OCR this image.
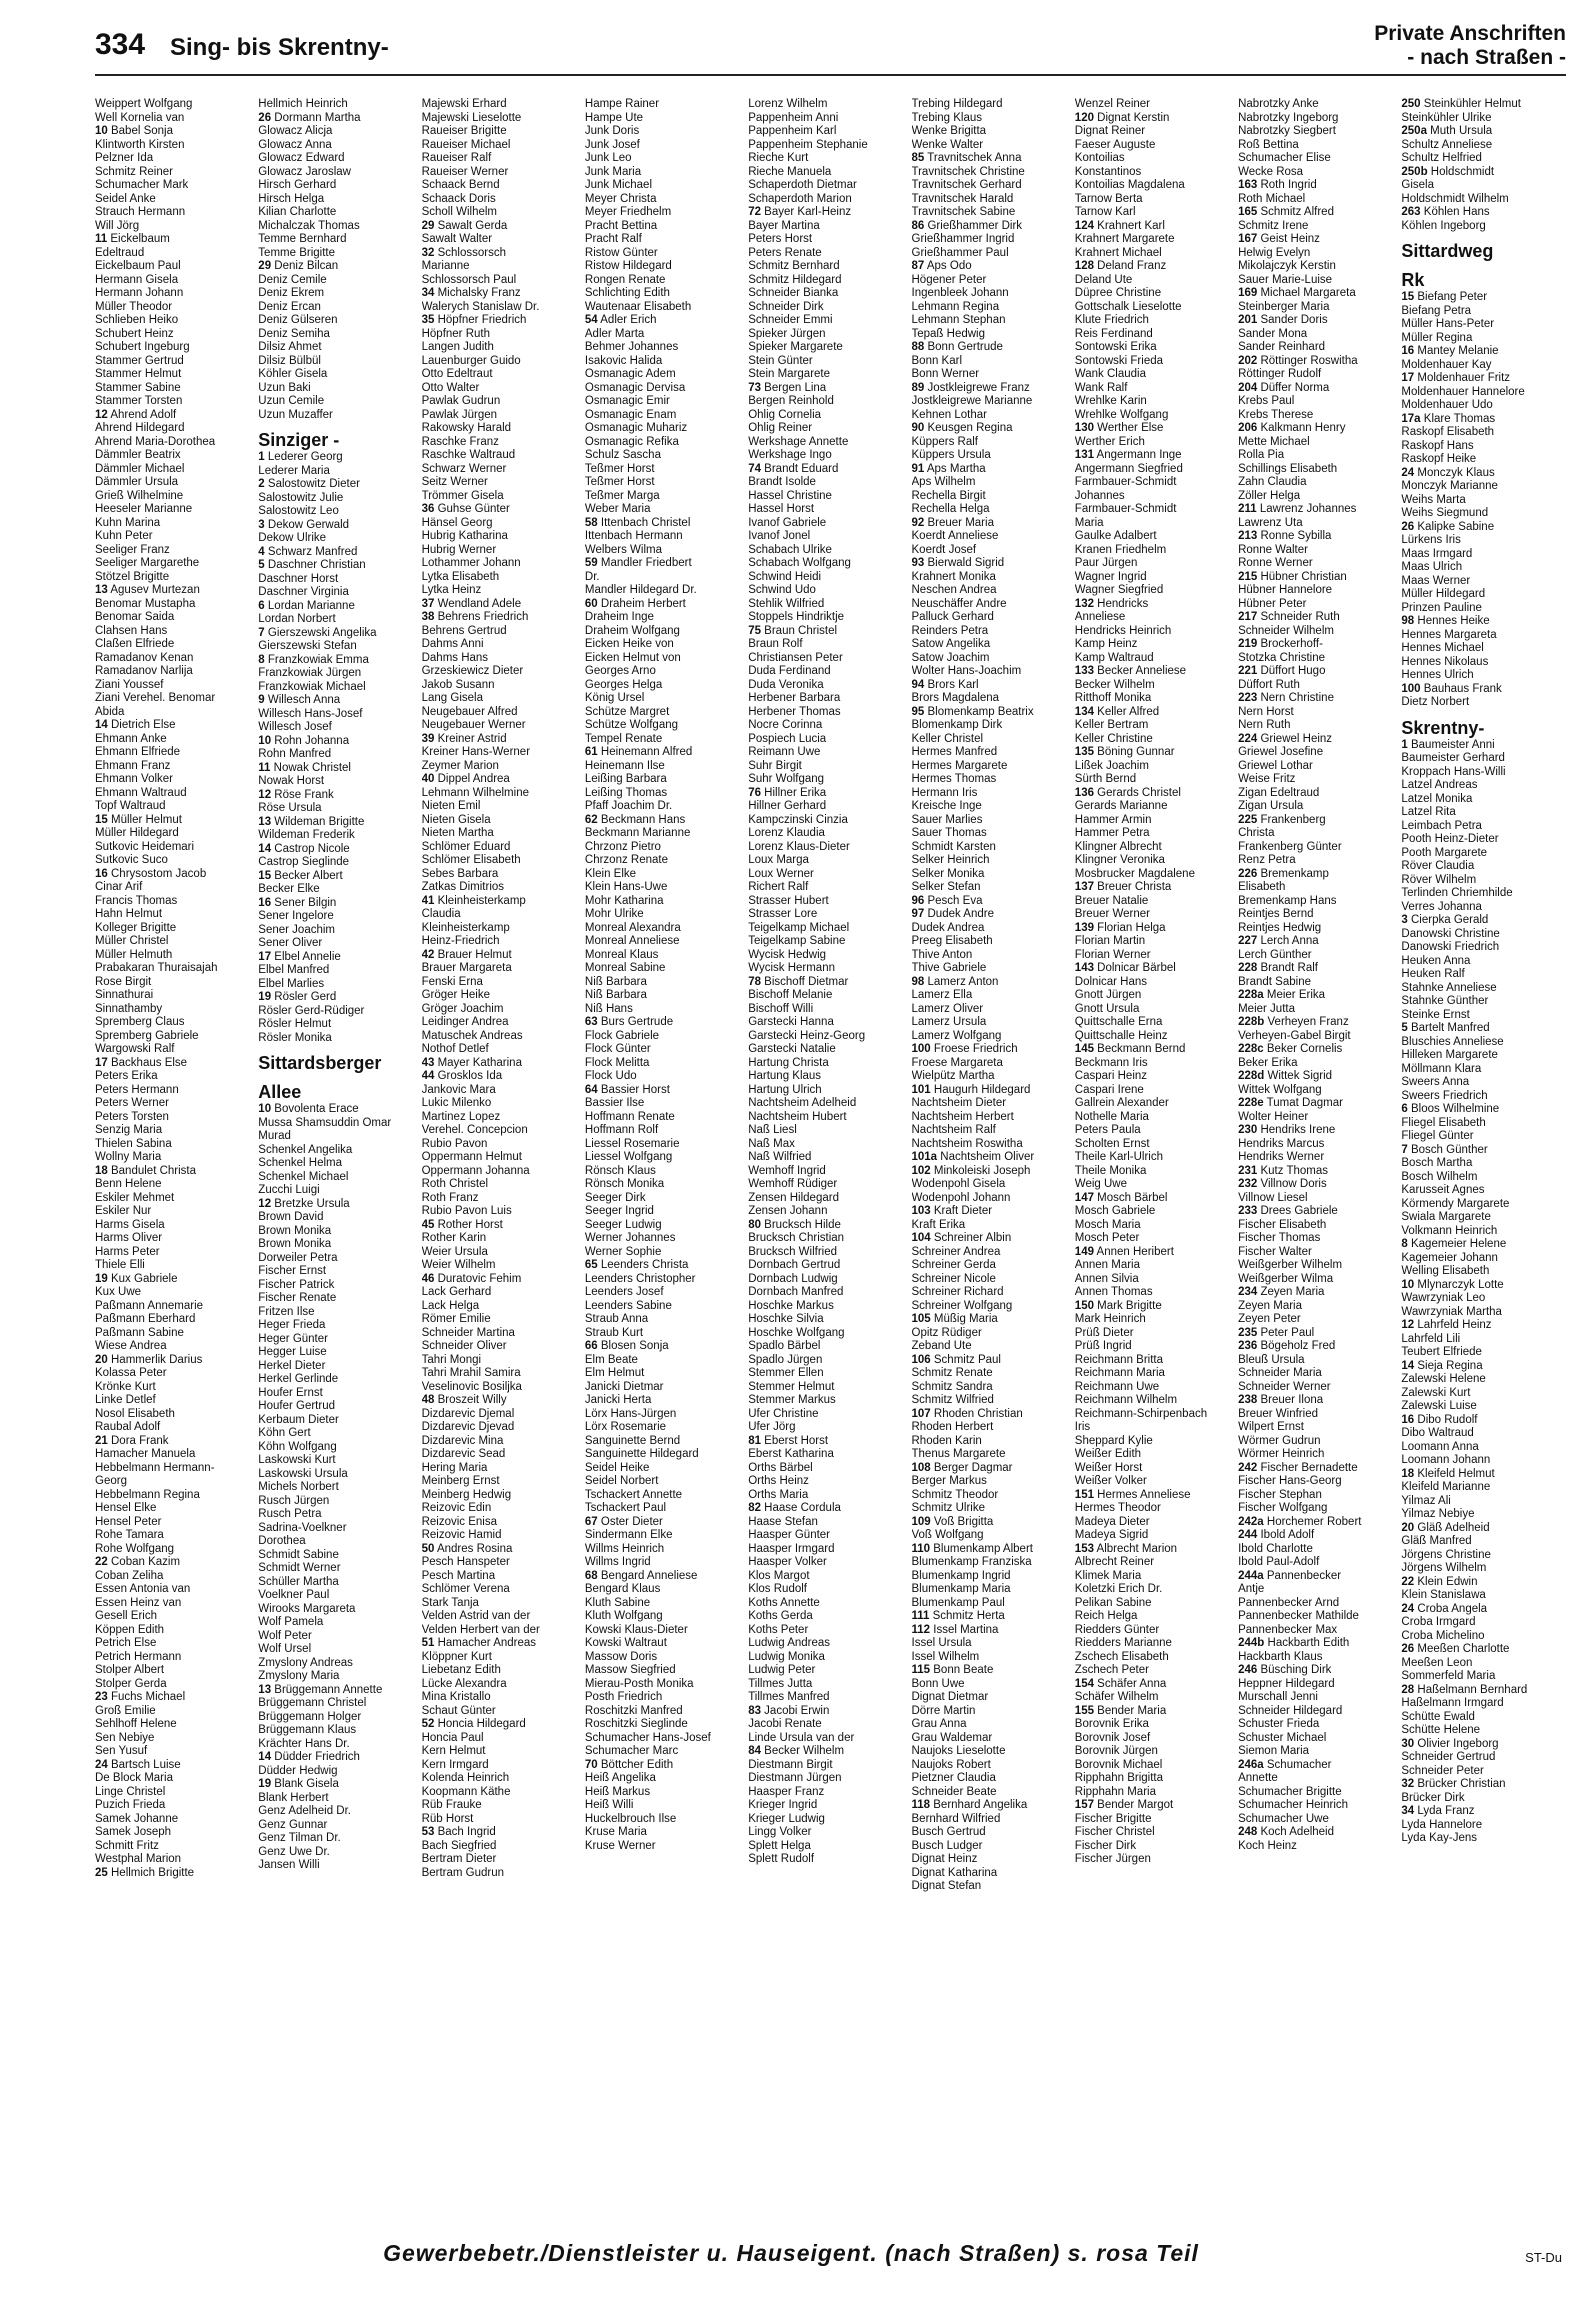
334 Sing- bis Skrentny-
Private Anschriften
- nach Straßen -
Weippert Wolfgang
Well Kornelia van
10 Babel Sonja
Klintworth Kirsten
Pelzner Ida
Schmitz Reiner
Schumacher Mark
Seidel Anke
Strauch Hermann
Will Jörg
11 Eickelbaum
Edeltraud
Eickelbaum Paul
Hermann Gisela
Hermann Johann
Müller Theodor
Schlieben Heiko
Schubert Heinz
Schubert Ingeburg
Stammer Gertrud
Stammer Helmut
Stammer Sabine
Stammer Torsten
12 Ahrend Adolf
Ahrend Hildegard
Ahrend Maria-Dorothea
Dämmler Beatrix
Dämmler Michael
Dämmler Ursula
Grieß Wilhelmine
Heeseler Marianne
Kuhn Marina
Kuhn Peter
Seeliger Franz
Seeliger Margarethe
Stötzel Brigitte
13 Agusev Murtezan
Benomar Mustapha
Benomar Saida
Clahsen Hans
Claßen Elfriede
Ramadanov Kenan
Ramadanov Narlija
Ziani Youssef
Ziani Verehel. Benomar
Abida
14 Dietrich Else
Ehmann Anke
Ehmann Elfriede
Ehmann Franz
Ehmann Volker
Ehmann Waltraud
Topf Waltraud
15 Müller Helmut
Müller Hildegard
Sutkovic Heidemari
Sutkovic Suco
16 Chrysostom Jacob
Cinar Arif
Francis Thomas
Hahn Helmut
Kolleger Brigitte
Müller Christel
Müller Helmuth
Prabakaran Thuraisajah
Rose Birgit
Sinnathurai
Sinnathamby
Spremberg Claus
Spremberg Gabriele
Wargowski Ralf
17 Backhaus Else
Peters Erika
Peters Hermann
Peters Werner
Peters Torsten
Senzig Maria
Thielen Sabina
Wollny Maria
18 Bandulet Christa
Benn Helene
Eskiler Mehmet
Eskiler Nur
Harms Gisela
Harms Oliver
Harms Peter
Thiele Elli
19 Kux Gabriele
Kux Uwe
Paßmann Annemarie
Paßmann Eberhard
Paßmann Sabine
Wiese Andrea
20 Hammerlik Darius
Kolassa Peter
Krönke Kurt
Linke Detlef
Nosol Elisabeth
Raubal Adolf
21 Dora Frank
Hamacher Manuela
Hebbelmann Hermann-
Georg
Hebbelmann Regina
Hensel Elke
Hensel Peter
Rohe Tamara
Rohe Wolfgang
22 Coban Kazim
Coban Zeliha
Essen Antonia van
Essen Heinz van
Gesell Erich
Köppen Edith
Petrich Else
Petrich Hermann
Stolper Albert
Stolper Gerda
23 Fuchs Michael
Groß Emilie
Sehlhoff Helene
Sen Nebiye
Sen Yusuf
24 Bartsch Luise
De Block Maria
Linge Christel
Puzich Frieda
Samek Johanne
Samek Joseph
Schmitt Fritz
Westphal Marion
25 Hellmich Brigitte
Hellmich Heinrich
26 Dormann Martha
Glowacz Alicja
Glowacz Anna
Glowacz Edward
Glowacz Jaroslaw
Hirsch Gerhard
Hirsch Helga
Kilian Charlotte
Michalczak Thomas
Temme Bernhard
Temme Brigitte
29 Deniz Bilcan
Deniz Cemile
Deniz Ekrem
Deniz Ercan
Deniz Gülseren
Deniz Semiha
Dilsiz Ahmet
Dilsiz Bülbül
Köhler Gisela
Uzun Baki
Uzun Cemile
Uzun Muzaffer
Sinziger -
1 Lederer Georg
Lederer Maria
2 Salostowitz Dieter
Salostowitz Julie
Salostowitz Leo
3 Dekow Gerwald
Dekow Ulrike
4 Schwarz Manfred
5 Daschner Christian
Daschner Horst
Daschner Virginia
6 Lordan Marianne
Lordan Norbert
7 Gierszewski Angelika
Gierszewski Stefan
8 Franzkowiak Emma
Franzkowiak Jürgen
Franzkowiak Michael
9 Willesch Anna
Willesch Hans-Josef
Willesch Josef
10 Rohn Johanna
Rohn Manfred
11 Nowak Christel
Nowak Horst
12 Röse Frank
Röse Ursula
13 Wildeman Brigitte
Wildeman Frederik
14 Castrop Nicole
Castrop Sieglinde
15 Becker Albert
Becker Elke
16 Sener Bilgin
Sener Ingelore
Sener Joachim
Sener Oliver
17 Elbel Annelie
Elbel Manfred
Elbel Marlies
19 Rösler Gerd
Rösler Gerd-Rüdiger
Rösler Helmut
Rösler Monika
Sittardsberger
Allee
10 Bovolenta Erace
Mussa Shamsuddin Omar
Murad
Schenkel Angelika
Schenkel Helma
Schenkel Michael
Zucchi Luigi
12 Bretzke Ursula
Brown David
Brown Monika
Brown Monika
Dorweiler Petra
Fischer Ernst
Fischer Patrick
Fischer Renate
Fritzen Ilse
Heger Frieda
Heger Günter
Hegger Luise
Herkel Dieter
Herkel Gerlinde
Houfer Ernst
Houfer Gertrud
Kerbaum Dieter
Köhn Gert
Köhn Wolfgang
Laskowski Kurt
Laskowski Ursula
Michels Norbert
Rusch Jürgen
Rusch Petra
Sadrina-Voelkner
Dorothea
Schmidt Sabine
Schmidt Werner
Schüller Martha
Voelkner Paul
Wirooks Margareta
Wolf Pamela
Wolf Peter
Wolf Ursel
Zmyslony Andreas
Zmyslony Maria
13 Brüggemann Annette
Brüggemann Christel
Brüggemann Holger
Brüggemann Klaus
Krächter Hans Dr.
14 Düdder Friedrich
Düdder Hedwig
19 Blank Gisela
Blank Herbert
Genz Adelheid Dr.
Genz Gunnar
Genz Tilman Dr.
Genz Uwe Dr.
Jansen Willi
Majewski Erhard
Majewski Lieselotte
Raueiser Brigitte
Raueiser Michael
Raueiser Ralf
Raueiser Werner
Schaack Bernd
Schaack Doris
Scholl Wilhelm
29 Sawalt Gerda
Sawalt Walter
32 Schlossorsch
Marianne
Schlossorsch Paul
34 Michalsky Franz
Walerych Stanislaw Dr.
35 Höpfner Friedrich
Höpfner Ruth
Langen Judith
Lauenburger Guido
Otto Edeltraut
Otto Walter
Pawlak Gudrun
Pawlak Jürgen
Rakowsky Harald
Raschke Franz
Raschke Waltraud
Schwarz Werner
Seitz Werner
Trömmer Gisela
36 Guhse Günter
Hänsel Georg
Hubrig Katharina
Hubrig Werner
Lothammer Johann
Lytka Elisabeth
Lytka Heinz
37 Wendland Adele
38 Behrens Friedrich
Behrens Gertrud
Dahms Anni
Dahms Hans
Grzeskiewicz Dieter
Jakob Susann
Lang Gisela
Neugebauer Alfred
Neugebauer Werner
39 Kreiner Astrid
Kreiner Hans-Werner
Zeymer Marion
40 Dippel Andrea
Lehmann Wilhelmine
Nieten Emil
Nieten Gisela
Nieten Martha
Schlömer Eduard
Schlömer Elisabeth
Sebes Barbara
Zatkas Dimitrios
41 Kleinheisterkamp
Claudia
Kleinheisterkamp
Heinz-Friedrich
42 Brauer Helmut
Brauer Margareta
Fenski Erna
Gröger Heike
Gröger Joachim
Leidinger Andrea
Matuschek Andreas
Nothof Detlef
43 Mayer Katharina
44 Grosklos Ida
Jankovic Mara
Lukic Milenko
Martinez Lopez
Verehel. Concepcion
Rubio Pavon
Oppermann Helmut
Oppermann Johanna
Roth Christel
Roth Franz
Rubio Pavon Luis
45 Rother Horst
Rother Karin
Weier Ursula
Weier Wilhelm
46 Duratovic Fehim
Lack Gerhard
Lack Helga
Römer Emilie
Schneider Martina
Schneider Oliver
Tahri Mongi
Tahri Mrahil Samira
Veselinovic Bosiljka
48 Broszeit Willy
Dizdarevic Djemal
Dizdarevic Djevad
Dizdarevic Mina
Dizdarevic Sead
Hering Maria
Meinberg Ernst
Meinberg Hedwig
Reizovic Edin
Reizovic Enisa
Reizovic Hamid
50 Andres Rosina
Pesch Hanspeter
Pesch Martina
Schlömer Verena
Stark Tanja
Velden Astrid van der
Velden Herbert van der
51 Hamacher Andreas
Klöppner Kurt
Liebetanz Edith
Lücke Alexandra
Mina Kristallo
Schaut Günter
52 Honcia Hildegard
Honcia Paul
Kern Helmut
Kern Irmgard
Kolenda Heinrich
Koopmann Käthe
Rüb Frauke
Rüb Horst
53 Bach Ingrid
Bach Siegfried
Bertram Dieter
Bertram Gudrun
Hampe Rainer
Hampe Ute
Junk Doris
Junk Josef
Junk Leo
Junk Maria
Junk Michael
Meyer Christa
Meyer Friedhelm
Pracht Bettina
Pracht Ralf
Ristow Günter
Ristow Hildegard
Rongen Renate
Schlichting Edith
Wautenaar Elisabeth
54 Adler Erich
Adler Marta
Behmer Johannes
Isakovic Halida
Osmanagic Adem
Osmanagic Dervisa
Osmanagic Emir
Osmanagic Enam
Osmanagic Muhariz
Osmanagic Refika
Schulz Sascha
Teßmer Horst
Teßmer Horst
Teßmer Marga
Weber Maria
58 Ittenbach Christel
Ittenbach Hermann
Welbers Wilma
59 Mandler Friedbert
Dr.
Mandler Hildegard Dr.
60 Draheim Herbert
Draheim Inge
Draheim Wolfgang
Eicken Heike von
Eicken Helmut von
Georges Arno
Georges Helga
König Ursel
Schütze Margret
Schütze Wolfgang
Tempel Renate
61 Heinemann Alfred
Heinemann Ilse
Leißing Barbara
Leißing Thomas
Pfaff Joachim Dr.
62 Beckmann Hans
Beckmann Marianne
Chrzonz Pietro
Chrzonz Renate
Klein Elke
Klein Hans-Uwe
Mohr Katharina
Mohr Ulrike
Monreal Alexandra
Monreal Anneliese
Monreal Klaus
Monreal Sabine
Niß Barbara
Niß Barbara
Niß Hans
63 Burs Gertrude
Flock Gabriele
Flock Günter
Flock Melitta
Flock Udo
64 Bassier Horst
Bassier Ilse
Hoffmann Renate
Hoffmann Rolf
Liessel Rosemarie
Liessel Wolfgang
Rönsch Klaus
Rönsch Monika
Seeger Dirk
Seeger Ingrid
Seeger Ludwig
Werner Johannes
Werner Sophie
65 Leenders Christa
Leenders Christopher
Leenders Josef
Leenders Sabine
Straub Anna
Straub Kurt
66 Blosen Sonja
Elm Beate
Elm Helmut
Janicki Dietmar
Janicki Herta
Lörx Hans-Jürgen
Lörx Rosemarie
Sanguinette Bernd
Sanguinette Hildegard
Seidel Heike
Seidel Norbert
Tschackert Annette
Tschackert Paul
67 Oster Dieter
Sindermann Elke
Willms Heinrich
Willms Ingrid
68 Bengard Anneliese
Bengard Klaus
Kluth Sabine
Kluth Wolfgang
Kowski Klaus-Dieter
Kowski Waltraut
Massow Doris
Massow Siegfried
Mierau-Posth Monika
Posth Friedrich
Roschitzki Manfred
Roschitzki Sieglinde
Schumacher Hans-Josef
Schumacher Marc
70 Böttcher Edith
Heiß Angelika
Heiß Markus
Heiß Willi
Huckelbrouch Ilse
Kruse Maria
Kruse Werner
Lorenz Wilhelm
Pappenheim Anni
Pappenheim Karl
Pappenheim Stephanie
Rieche Kurt
Rieche Manuela
Schaperdoth Dietmar
Schaperdoth Marion
72 Bayer Karl-Heinz
Bayer Martina
Peters Horst
Peters Renate
Schmitz Bernhard
Schmitz Hildegard
Schneider Bianka
Schneider Dirk
Schneider Emmi
Spieker Jürgen
Spieker Margarete
Stein Günter
Stein Margarete
73 Bergen Lina
Bergen Reinhold
Ohlig Cornelia
Ohlig Reiner
Werkshage Annette
Werkshage Ingo
74 Brandt Eduard
Brandt Isolde
Hassel Christine
Hassel Horst
Ivanof Gabriele
Ivanof Jonel
Schabach Ulrike
Schabach Wolfgang
Schwind Heidi
Schwind Udo
Stehlik Wilfried
Stoppels Hindriktje
75 Braun Christel
Braun Rolf
Christiansen Peter
Duda Ferdinand
Duda Veronika
Herbener Barbara
Herbener Thomas
Nocre Corinna
Pospiech Lucia
Reimann Uwe
Suhr Birgit
Suhr Wolfgang
76 Hillner Erika
Hillner Gerhard
Kampczinski Cinzia
Lorenz Klaudia
Lorenz Klaus-Dieter
Loux Marga
Loux Werner
Richert Ralf
Strasser Hubert
Strasser Lore
Teigelkamp Michael
Teigelkamp Sabine
Wycisk Hedwig
Wycisk Hermann
78 Bischoff Dietmar
Bischoff Melanie
Bischoff Willi
Garstecki Hanna
Garstecki Heinz-Georg
Garstecki Natalie
Hartung Christa
Hartung Klaus
Hartung Ulrich
Nachtsheim Adelheid
Nachtsheim Hubert
Naß Liesl
Naß Max
Naß Wilfried
Wemhoff Ingrid
Wemhoff Rüdiger
Zensen Hildegard
Zensen Johann
80 Brucksch Hilde
Brucksch Christian
Brucksch Wilfried
Dornbach Gertrud
Dornbach Ludwig
Dornbach Manfred
Hoschke Markus
Hoschke Silvia
Hoschke Wolfgang
Spadlo Bärbel
Spadlo Jürgen
Stemmer Ellen
Stemmer Helmut
Stemmer Markus
Ufer Christine
Ufer Jörg
81 Eberst Horst
Eberst Katharina
Orths Bärbel
Orths Heinz
Orths Maria
82 Haase Cordula
Haase Stefan
Haasper Günter
Haasper Irmgard
Haasper Volker
Klos Margot
Klos Rudolf
Koths Annette
Koths Gerda
Koths Peter
Ludwig Andreas
Ludwig Monika
Ludwig Peter
Tillmes Jutta
Tillmes Manfred
83 Jacobi Erwin
Jacobi Renate
Linde Ursula van der
84 Becker Wilhelm
Diestmann Birgit
Diestmann Jürgen
Haasper Franz
Krieger Ingrid
Krieger Ludwig
Lingg Volker
Splett Helga
Splett Rudolf
Trebing Hildegard
Trebing Klaus
Wenke Brigitta
Wenke Walter
85 Travnitschek Anna
Travnitschek Christine
Travnitschek Gerhard
Travnitschek Harald
Travnitschek Sabine
86 Grießhammer Dirk
Grießhammer Ingrid
Grießhammer Paul
87 Aps Odo
Högener Peter
Ingenbleek Johann
Lehmann Regina
Lehmann Stephan
Tepaß Hedwig
88 Bonn Gertrude
Bonn Karl
Bonn Werner
89 Jostkleigrewe Franz
Jostkleigrewe Marianne
Kehnen Lothar
90 Keusgen Regina
Küppers Ralf
Küppers Ursula
91 Aps Martha
Aps Wilhelm
Rechella Birgit
Rechella Helga
92 Breuer Maria
Koerdt Anneliese
Koerdt Josef
93 Bierwald Sigrid
Krahnert Monika
Neschen Andrea
Neuschäffer Andre
Palluck Gerhard
Reinders Petra
Satow Angelika
Satow Joachim
Wolter Hans-Joachim
94 Brors Karl
Brors Magdalena
95 Blomenkamp Beatrix
Blomenkamp Dirk
Keller Christel
Hermes Manfred
Hermes Margarete
Hermes Thomas
Hermann Iris
Kreische Inge
Sauer Marlies
Sauer Thomas
Schmidt Karsten
Selker Heinrich
Selker Monika
Selker Stefan
96 Pesch Eva
97 Dudek Andre
Dudek Andrea
Preeg Elisabeth
Thive Anton
Thive Gabriele
98 Lamerz Anton
Lamerz Ella
Lamerz Oliver
Lamerz Ursula
Lamerz Wolfgang
100 Froese Friedrich
Froese Margareta
Wielpütz Martha
101 Haugurh Hildegard
Nachtsheim Dieter
Nachtsheim Herbert
Nachtsheim Ralf
Nachtsheim Roswitha
101a Nachtsheim Oliver
102 Minkoleiski Joseph
Wodenpohl Gisela
Wodenpohl Johann
103 Kraft Dieter
Kraft Erika
104 Schreiner Albin
Schreiner Andrea
Schreiner Gerda
Schreiner Nicole
Schreiner Richard
Schreiner Wolfgang
105 Müßig Maria
Opitz Rüdiger
Zeband Ute
106 Schmitz Paul
Schmitz Renate
Schmitz Sandra
Schmitz Wilfried
107 Rhoden Christian
Rhoden Herbert
Rhoden Karin
Thenus Margarete
108 Berger Dagmar
Berger Markus
Schmitz Theodor
Schmitz Ulrike
109 Voß Brigitta
Voß Wolfgang
110 Blumenkamp Albert
Blumenkamp Franziska
Blumenkamp Ingrid
Blumenkamp Maria
Blumenkamp Paul
111 Schmitz Herta
112 Issel Martina
Issel Ursula
Issel Wilhelm
115 Bonn Beate
Bonn Uwe
Dignat Dietmar
Dörre Martin
Grau Anna
Grau Waldemar
Naujoks Lieselotte
Naujoks Robert
Pietzner Claudia
Schneider Beate
118 Bernhard Angelika
Bernhard Wilfried
Busch Gertrud
Busch Ludger
Dignat Heinz
Dignat Katharina
Dignat Stefan
Wenzel Reiner
120 Dignat Kerstin
Dignat Reiner
Faeser Auguste
Kontoilias
Konstantinos
Kontoilias Magdalena
Tarnow Berta
Tarnow Karl
124 Krahnert Karl
Krahnert Margarete
Krahnert Michael
128 Deland Franz
Deland Ute
Düpree Christine
Gottschalk Lieselotte
Klute Friedrich
Reis Ferdinand
Sontowski Erika
Sontowski Frieda
Wank Claudia
Wank Ralf
Wrehlke Karin
Wrehlke Wolfgang
130 Werther Else
Werther Erich
131 Angermann Inge
Angermann Siegfried
Farmbauer-Schmidt
Johannes
Farmbauer-Schmidt
Maria
Gaulke Adalbert
Kranen Friedhelm
Paur Jürgen
Wagner Ingrid
Wagner Siegfried
132 Hendricks
Anneliese
Hendricks Heinrich
Kamp Heinz
Kamp Waltraud
133 Becker Anneliese
Becker Wilhelm
Ritthoff Monika
134 Keller Alfred
Keller Bertram
Keller Christine
135 Böning Gunnar
Lißek Joachim
Sürth Bernd
136 Gerards Christel
Gerards Marianne
Hammer Armin
Hammer Petra
Klingner Albrecht
Klingner Veronika
Mosbrucker Magdalene
137 Breuer Christa
Breuer Natalie
Breuer Werner
139 Florian Helga
Florian Martin
Florian Werner
143 Dolnicar Bärbel
Dolnicar Hans
Gnott Jürgen
Gnott Ursula
Quittschalle Erna
Quittschalle Heinz
145 Beckmann Bernd
Beckmann Iris
Caspari Heinz
Caspari Irene
Gallrein Alexander
Nothelle Maria
Peters Paula
Scholten Ernst
Theile Karl-Ulrich
Theile Monika
Weig Uwe
147 Mosch Bärbel
Mosch Gabriele
Mosch Maria
Mosch Peter
149 Annen Heribert
Annen Maria
Annen Silvia
Annen Thomas
150 Mark Brigitte
Mark Heinrich
Prüß Dieter
Prüß Ingrid
Reichmann Britta
Reichmann Maria
Reichmann Uwe
Reichmann Wilhelm
Reichmann-Schirpenbach
Iris
Sheppard Kylie
Weißer Edith
Weißer Horst
Weißer Volker
151 Hermes Anneliese
Hermes Theodor
Madeya Dieter
Madeya Sigrid
153 Albrecht Marion
Albrecht Reiner
Klimek Maria
Koletzki Erich Dr.
Pelikan Sabine
Reich Helga
Riedders Günter
Riedders Marianne
Zschech Elisabeth
Zschech Peter
154 Schäfer Anna
Schäfer Wilhelm
155 Bender Maria
Borovnik Erika
Borovnik Josef
Borovnik Jürgen
Borovnik Michael
Ripphahn Brigitta
Ripphahn Maria
157 Bender Margot
Fischer Brigitte
Fischer Christel
Fischer Dirk
Fischer Jürgen
Nabrotzky Anke
Nabrotzky Ingeborg
Nabrotzky Siegbert
Roß Bettina
Schumacher Elise
Wecke Rosa
163 Roth Ingrid
Roth Michael
165 Schmitz Alfred
Schmitz Irene
167 Geist Heinz
Helwig Evelyn
Mikolajczyk Kerstin
Sauer Marie-Luise
169 Michael Margareta
Steinberger Maria
201 Sander Doris
Sander Mona
Sander Reinhard
202 Röttinger Roswitha
Röttinger Rudolf
204 Düffer Norma
Krebs Paul
Krebs Therese
206 Kalkmann Henry
Mette Michael
Rolla Pia
Schillings Elisabeth
Zahn Claudia
Zöller Helga
211 Lawrenz Johannes
Lawrenz Uta
213 Ronne Sybilla
Ronne Walter
Ronne Werner
215 Hübner Christian
Hübner Hannelore
Hübner Peter
217 Schneider Ruth
Schneider Wilhelm
219 Brockerhoff-
Stotzka Christine
221 Düffort Hugo
Düffort Ruth
223 Nern Christine
Nern Horst
Nern Ruth
224 Griewel Heinz
Griewel Josefine
Griewel Lothar
Weise Fritz
Zigan Edeltraud
Zigan Ursula
225 Frankenberg
Christa
Frankenberg Günter
Renz Petra
226 Bremenkamp
Elisabeth
Bremenkamp Hans
Reintjes Bernd
Reintjes Hedwig
227 Lerch Anna
Lerch Günther
228 Brandt Ralf
Brandt Sabine
228a Meier Erika
Meier Jutta
228b Verheyen Franz
Verheyen-Gabel Birgit
228c Beker Cornelis
Beker Erika
228d Wittek Sigrid
Wittek Wolfgang
228e Tumat Dagmar
Wolter Heiner
230 Hendriks Irene
Hendriks Marcus
Hendriks Werner
231 Kutz Thomas
232 Villnow Doris
Villnow Liesel
233 Drees Gabriele
Fischer Elisabeth
Fischer Thomas
Fischer Walter
Weißgerber Wilhelm
Weißgerber Wilma
234 Zeyen Maria
Zeyen Maria
Zeyen Peter
235 Peter Paul
236 Bögeholz Fred
Bleuß Ursula
Schneider Maria
Schneider Werner
238 Breuer Ilona
Breuer Winfried
Wilpert Ernst
Wörmer Gudrun
Wörmer Heinrich
242 Fischer Bernadette
Fischer Hans-Georg
Fischer Stephan
Fischer Wolfgang
242a Horchemer Robert
244 Ibold Adolf
Ibold Charlotte
Ibold Paul-Adolf
244a Pannenbecker
Antje
Pannenbecker Arnd
Pannenbecker Mathilde
Pannenbecker Max
244b Hackbarth Edith
Hackbarth Klaus
246 Büsching Dirk
Heppner Hildegard
Murschall Jenni
Schneider Hildegard
Schuster Frieda
Schuster Michael
Siemon Maria
246a Schumacher
Annette
Schumacher Brigitte
Schumacher Heinrich
Schumacher Uwe
248 Koch Adelheid
Koch Heinz
250 Steinkühler Helmut
Steinkühler Ulrike
250a Muth Ursula
Schultz Anneliese
Schultz Helfried
250b Holdschmidt
Gisela
Holdschmidt Wilhelm
263 Köhlen Hans
Köhlen Ingeborg
Sittardweg
Rk
15 Biefang Peter
Biefang Petra
Müller Hans-Peter
Müller Regina
16 Mantey Melanie
Moldenhauer Kay
17 Moldenhauer Fritz
Moldenhauer Hannelore
Moldenhauer Udo
17a Klare Thomas
Raskopf Elisabeth
Raskopf Hans
Raskopf Heike
24 Monczyk Klaus
Monczyk Marianne
Weihs Marta
Weihs Siegmund
26 Kalipke Sabine
Lürkens Iris
Maas Irmgard
Maas Ulrich
Maas Werner
Müller Hildegard
Prinzen Pauline
98 Hennes Heike
Hennes Margareta
Hennes Michael
Hennes Nikolaus
Hennes Ulrich
100 Bauhaus Frank
Dietz Norbert
Skrentny-
1 Baumeister Anni
Baumeister Gerhard
Kroppach Hans-Willi
Latzel Andreas
Latzel Monika
Latzel Rita
Leimbach Petra
Pooth Heinz-Dieter
Pooth Margarete
Röver Claudia
Röver Wilhelm
Terlinden Chriemhilde
Verres Johanna
3 Cierpka Gerald
Danowski Christine
Danowski Friedrich
Heuken Anna
Heuken Ralf
Stahnke Anneliese
Stahnke Günther
Steinke Ernst
5 Bartelt Manfred
Bluschies Anneliese
Hilleken Margarete
Möllmann Klara
Sweers Anna
Sweers Friedrich
6 Bloos Wilhelmine
Fliegel Elisabeth
Fliegel Günter
7 Bosch Günther
Bosch Martha
Bosch Wilhelm
Karusseit Agnes
Körmendy Margarete
Swiala Margarete
Volkmann Heinrich
8 Kagemeier Helene
Kagemeier Johann
Welling Elisabeth
10 Mlynarczyk Lotte
Wawrzyniak Leo
Wawrzyniak Martha
12 Lahrfeld Heinz
Lahrfeld Lili
Teubert Elfriede
14 Sieja Regina
Zalewski Helene
Zalewski Kurt
Zalewski Luise
16 Dibo Rudolf
Dibo Waltraud
Loomann Anna
Loomann Johann
18 Kleifeld Helmut
Kleifeld Marianne
Yilmaz Ali
Yilmaz Nebiye
20 Gläß Adelheid
Gläß Manfred
Jörgens Christine
Jörgens Wilhelm
22 Klein Edwin
Klein Stanislawa
24 Croba Angela
Croba Irmgard
Croba Michelino
26 Meeßen Charlotte
Meeßen Leon
Sommerfeld Maria
28 Haßelmann Bernhard
Haßelmann Irmgard
Schütte Ewald
Schütte Helene
30 Olivier Ingeborg
Schneider Gertrud
Schneider Peter
32 Brücker Christian
Brücker Dirk
34 Lyda Franz
Lyda Hannelore
Lyda Kay-Jens
Gewerbebetr./Dienstleister u. Hauseigent. (nach Straßen) s. rosa Teil	ST-Du
